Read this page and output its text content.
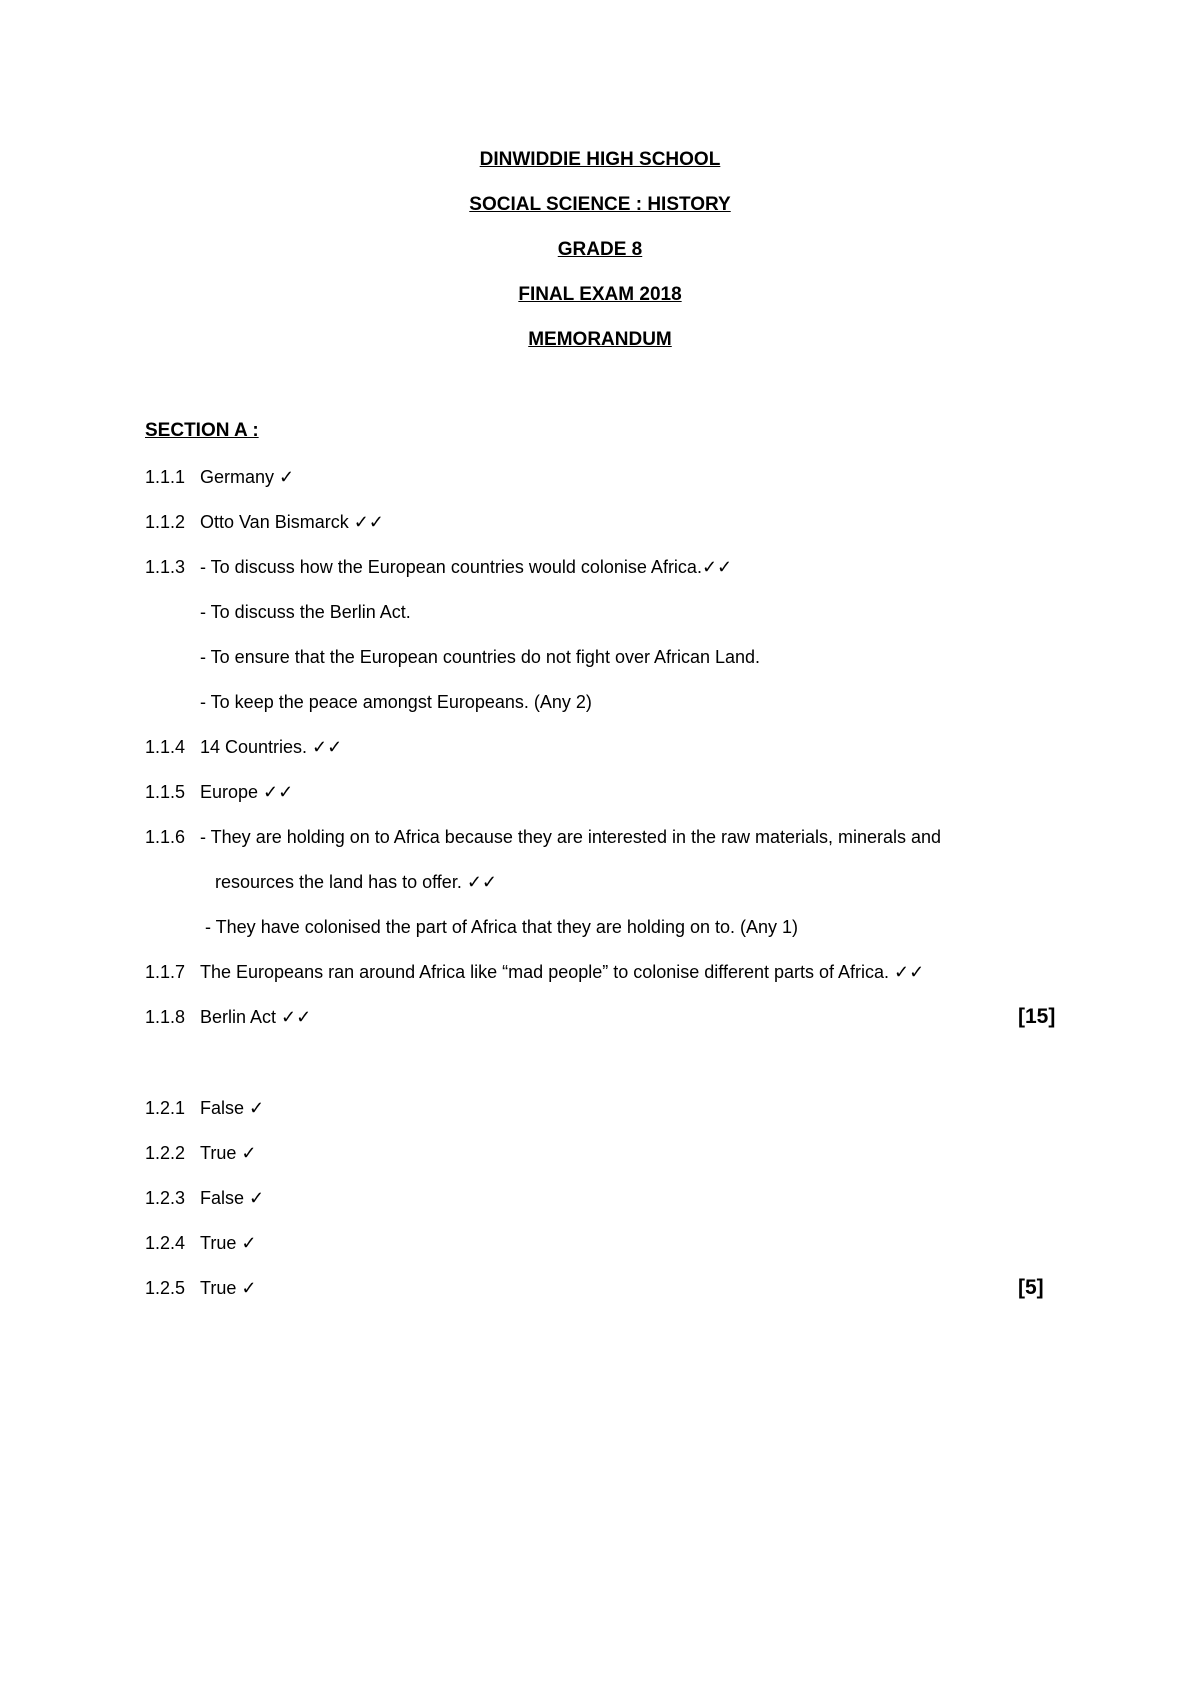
DINWIDDIE HIGH SCHOOL
SOCIAL SCIENCE : HISTORY
GRADE 8
FINAL EXAM 2018
MEMORANDUM
SECTION A :
1.1.1 Germany ✓
1.1.2 Otto Van Bismarck ✓✓
1.1.3 - To discuss how the European countries would colonise Africa.✓✓
- To discuss the Berlin Act.
- To ensure that the European countries do not fight over African Land.
- To keep the peace amongst Europeans. (Any 2)
1.1.4 14 Countries. ✓✓
1.1.5 Europe ✓✓
1.1.6 - They are holding on to Africa because they are interested in the raw materials, minerals and
resources the land has to offer. ✓✓
- They have colonised the part of Africa that they are holding on to. (Any 1)
1.1.7 The Europeans ran around Africa like “mad people” to colonise different parts of Africa. ✓✓
1.1.8 Berlin Act ✓✓	[15]
1.2.1 False ✓
1.2.2 True ✓
1.2.3 False ✓
1.2.4 True ✓
1.2.5 True ✓	[5]
